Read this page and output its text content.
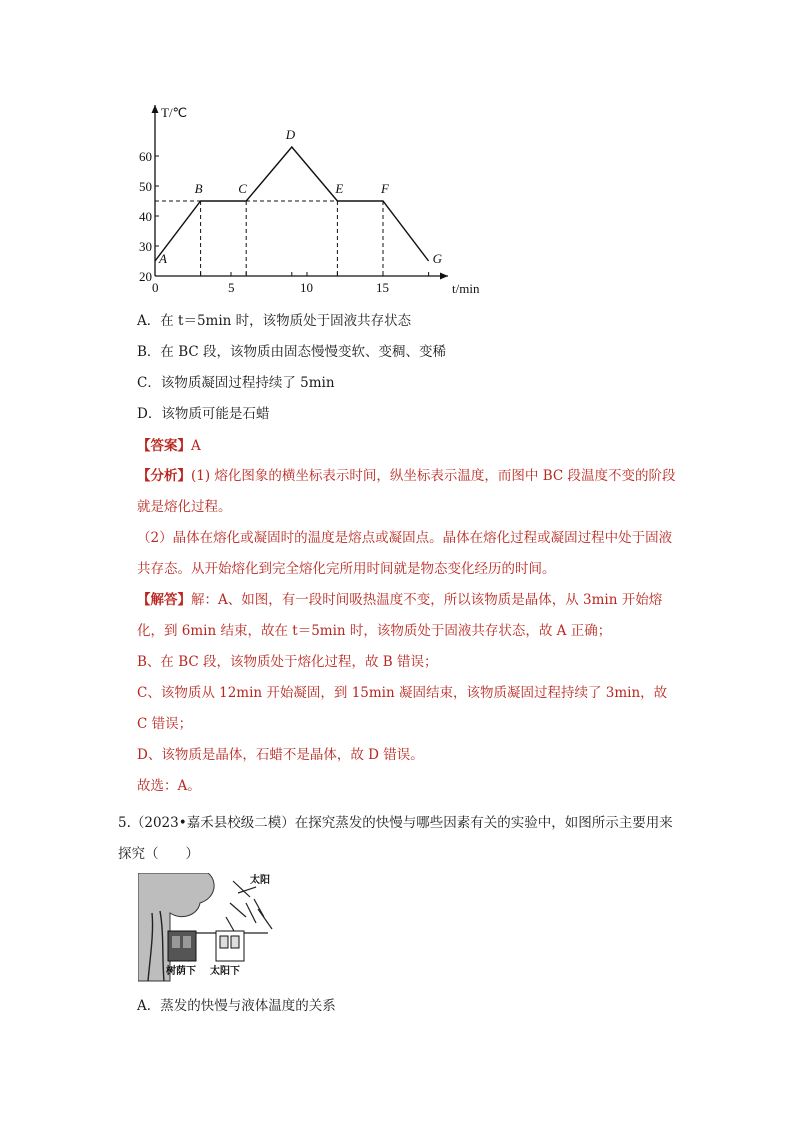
T/℃
t/min
0	5	10	15
20
30
40
50
60
A
B	C
D
E	F
G
A．在 t＝5min 时，该物质处于固液共存状态
B．在 BC 段，该物质由固态慢慢变软、变稠、变稀
C．该物质凝固过程持续了 5min
D．该物质可能是石蜡
【答案】A
【分析】(1) 熔化图象的横坐标表示时间，纵坐标表示温度，而图中 BC 段温度不变的阶段就是熔化过程。
（2）晶体在熔化或凝固时的温度是熔点或凝固点。晶体在熔化过程或凝固过程中处于固液共存态。从开始熔化到完全熔化完所用时间就是物态变化经历的时间。
【解答】解：A、如图，有一段时间吸热温度不变，所以该物质是晶体，从 3min 开始熔化，到 6min 结束，故在 t＝5min 时，该物质处于固液共存状态，故 A 正确；
B、在 BC 段，该物质处于熔化过程，故 B 错误；
C、该物质从 12min 开始凝固，到 15min 凝固结束，该物质凝固过程持续了 3min，故 C 错误；
D、该物质是晶体，石蜡不是晶体，故 D 错误。
故选：A。
5.（2023•嘉禾县校级二模）在探究蒸发的快慢与哪些因素有关的实验中，如图所示主要用来探究（　　）
太阳
树荫下 太阳下
A．蒸发的快慢与液体温度的关系
